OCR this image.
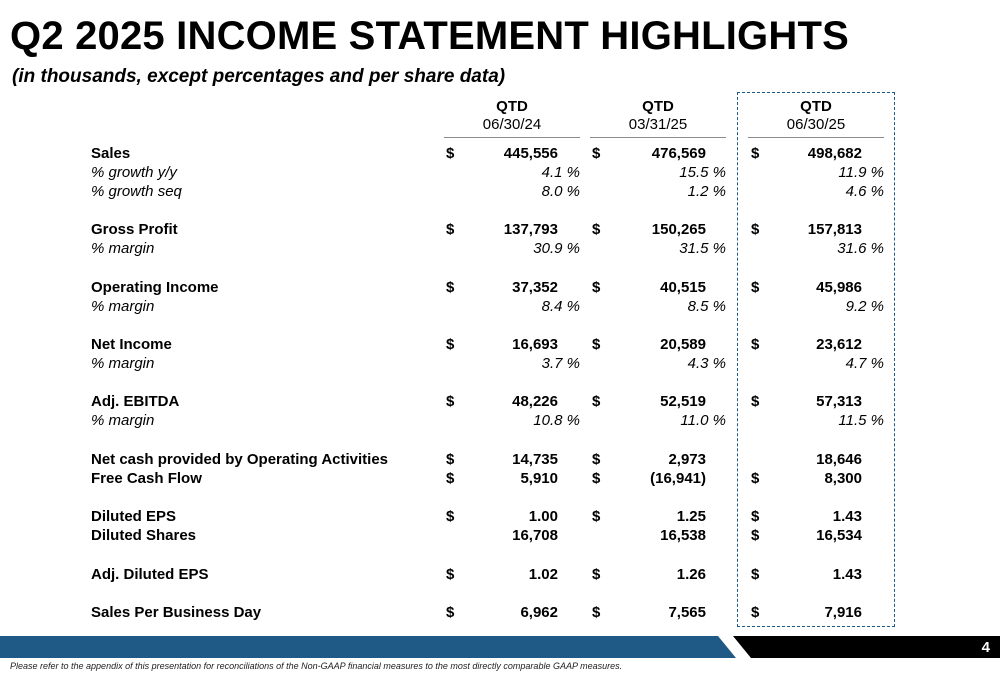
Q2 2025 INCOME STATEMENT HIGHLIGHTS
(in thousands, except percentages and per share data)
QTD
06/30/24
QTD
03/31/25
QTD
06/30/25
Sales	$	445,556 $	476,569	$	498,682
% growth y/y	4.1 %	15.5 %	11.9 %
% growth seq	8.0 %	1.2 %	4.6 %
Gross Profit	$	137,793 $	150,265	$	157,813
% margin	30.9 %	31.5 %	31.6 %
Operating Income	$	37,352 $	40,515	$	45,986
% margin	8.4 %	8.5 %	9.2 %
Net Income	$	16,693 $	20,589	$	23,612
% margin	3.7 %	4.3 %	4.7 %
Adj. EBITDA	$	48,226 $	52,519	$	57,313
% margin	10.8 %	11.0 %	11.5 %
Net cash provided by Operating Activities	$	14,735 $	2,973	18,646
Free Cash Flow	$	5,910 $	(16,941)	$	8,300
Diluted EPS	$	1.00 $	1.25	$	1.43
Diluted Shares	16,708	16,538	$	16,534
Adj. Diluted EPS	$	1.02 $	1.26	$	1.43
Sales Per Business Day	$	6,962 $	7,565	$	7,916
4
Please refer to the appendix of this presentation for reconciliations of the Non-GAAP financial measures to the most directly comparable GAAP measures.
